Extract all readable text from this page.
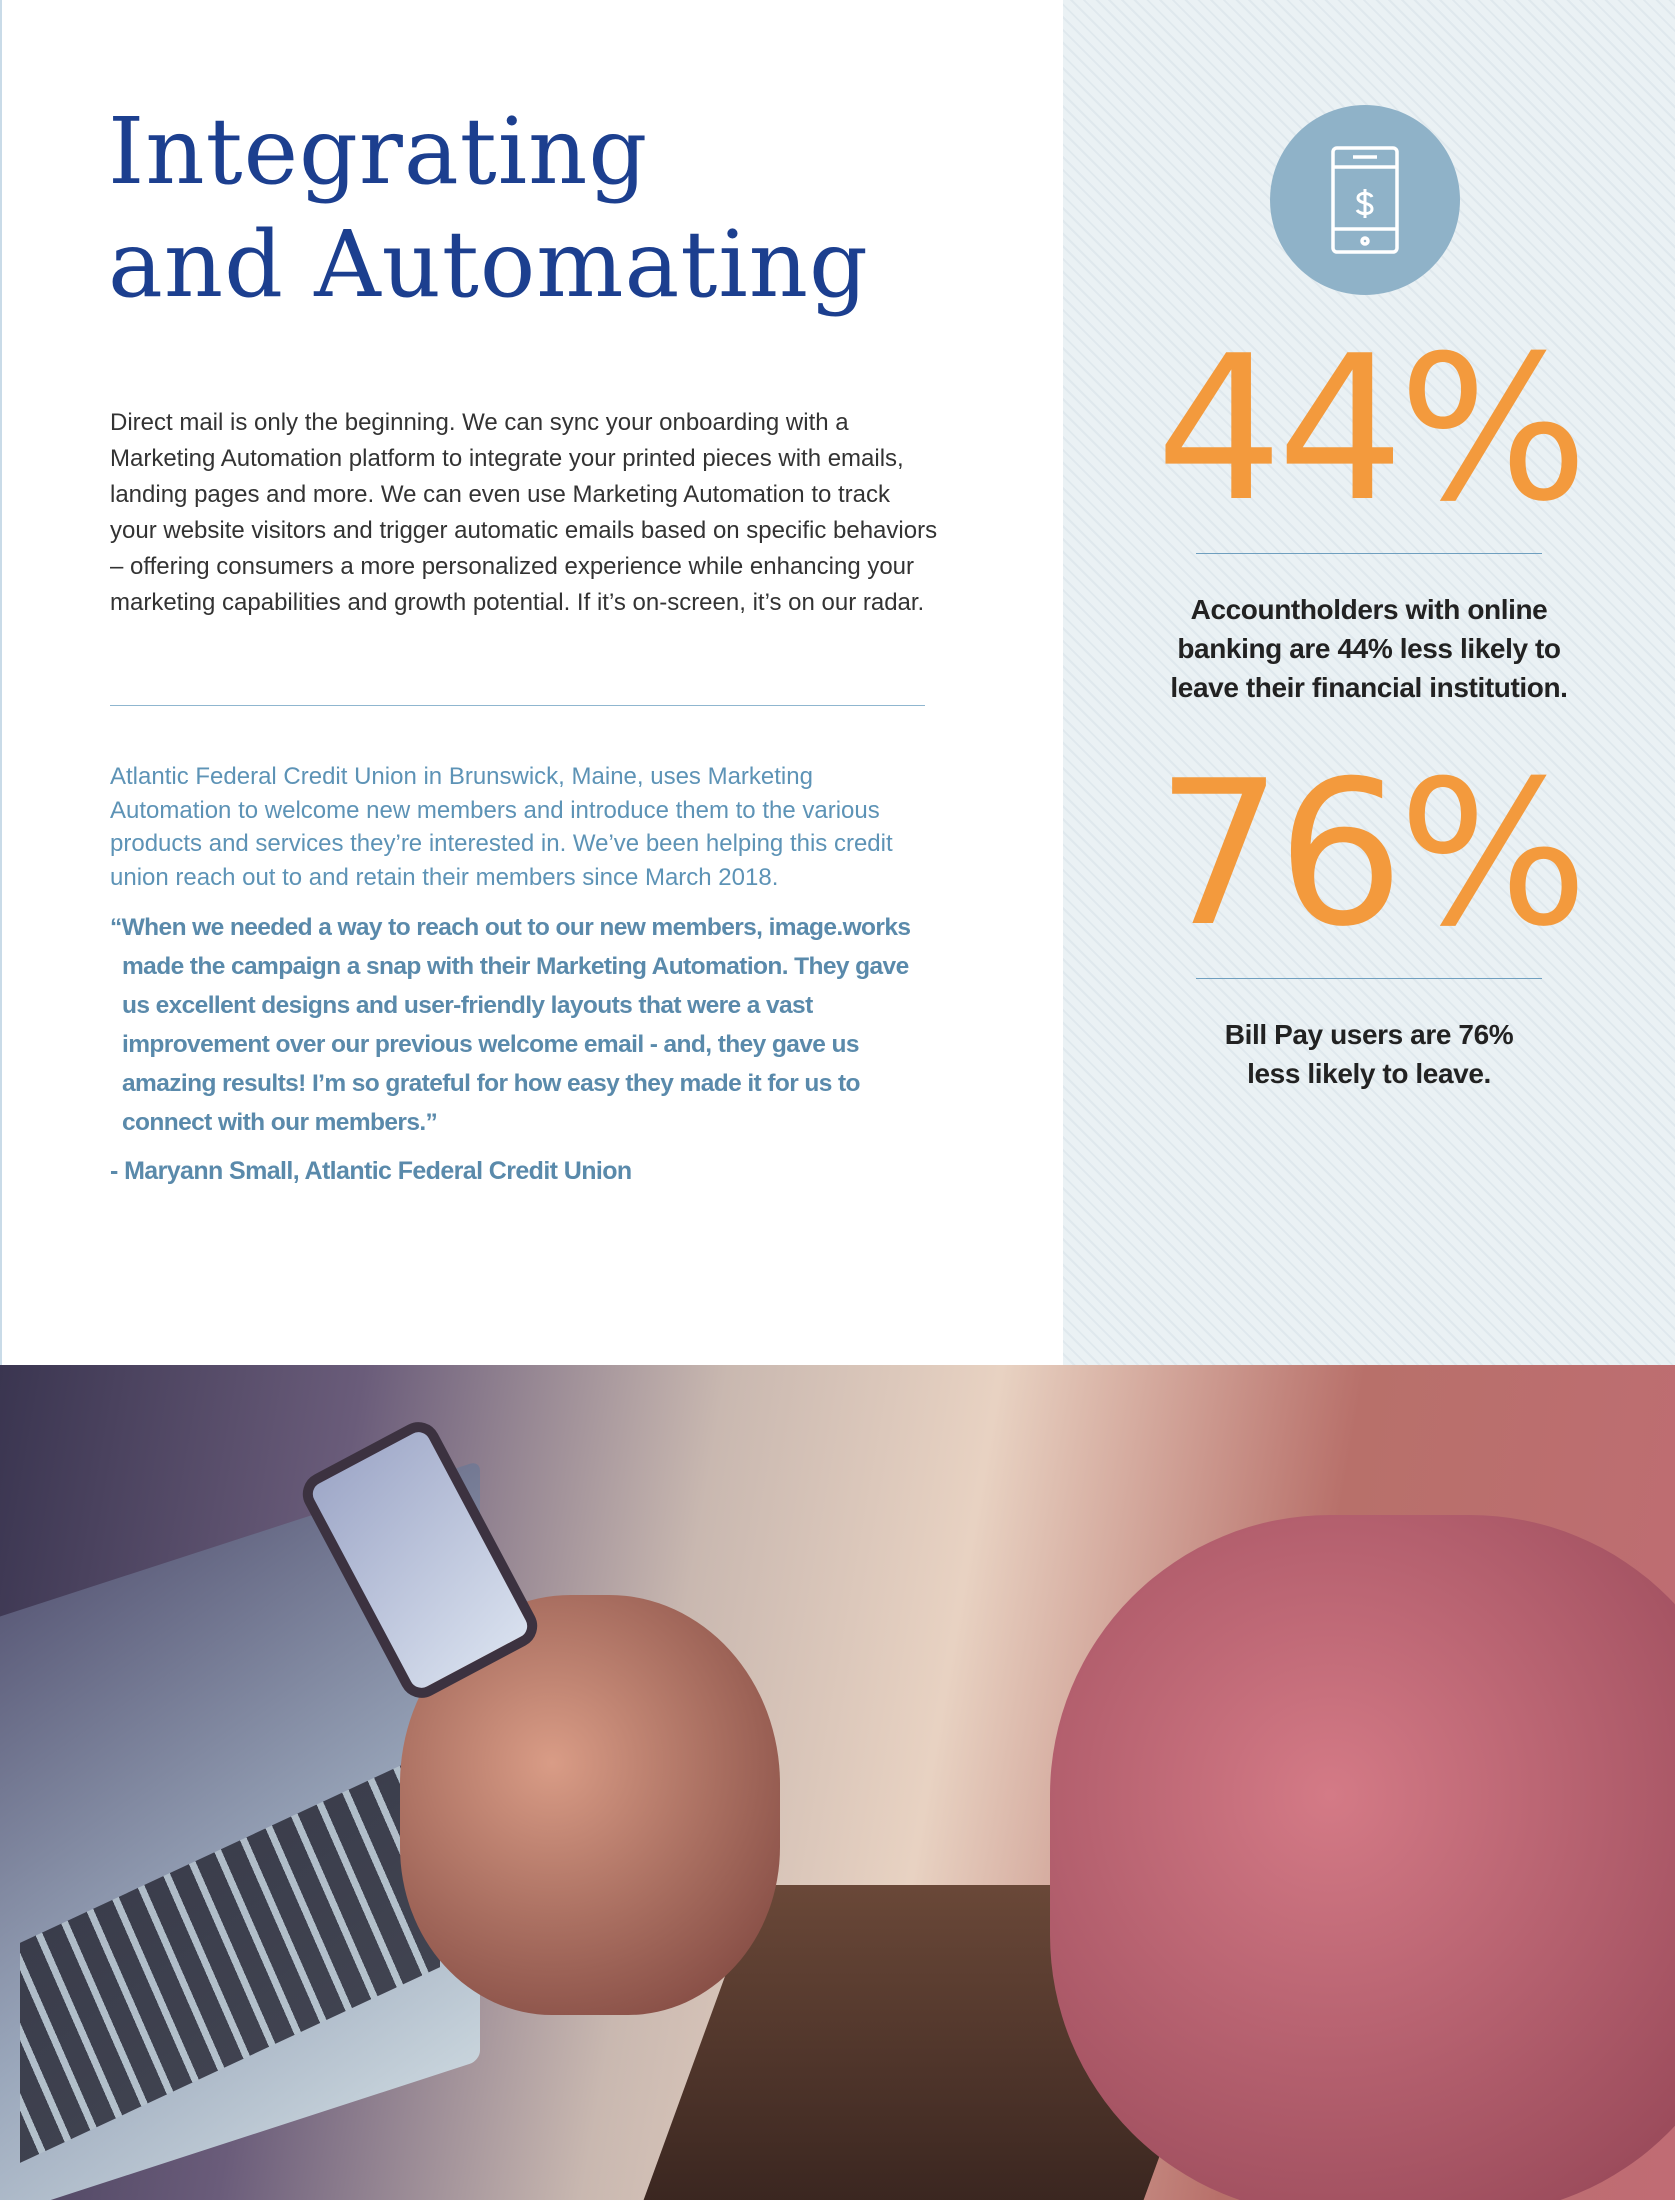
Integrating
and Automating

Direct mail is only the beginning. We can sync your onboarding with a Marketing Automation platform to integrate your printed pieces with emails, landing pages and more. We can even use Marketing Automation to track your website visitors and trigger automatic emails based on specific behaviors – offering consumers a more personalized experience while enhancing your marketing capabilities and growth potential. If it’s on-screen, it’s on our radar.

Atlantic Federal Credit Union in Brunswick, Maine, uses Marketing Automation to welcome new members and introduce them to the various products and services they’re interested in. We’ve been helping this credit union reach out to and retain their members since March 2018.

“When we needed a way to reach out to our new members, image.works made the campaign a snap with their Marketing Automation. They gave us excellent designs and user-friendly layouts that were a vast improvement over our previous welcome email - and, they gave us amazing results! I’m so grateful for how easy they made it for us to connect with our members.”

- Maryann Small, Atlantic Federal Credit Union

44%
Accountholders with online banking are 44% less likely to leave their financial institution.
76%
Bill Pay users are 76% less likely to leave.
